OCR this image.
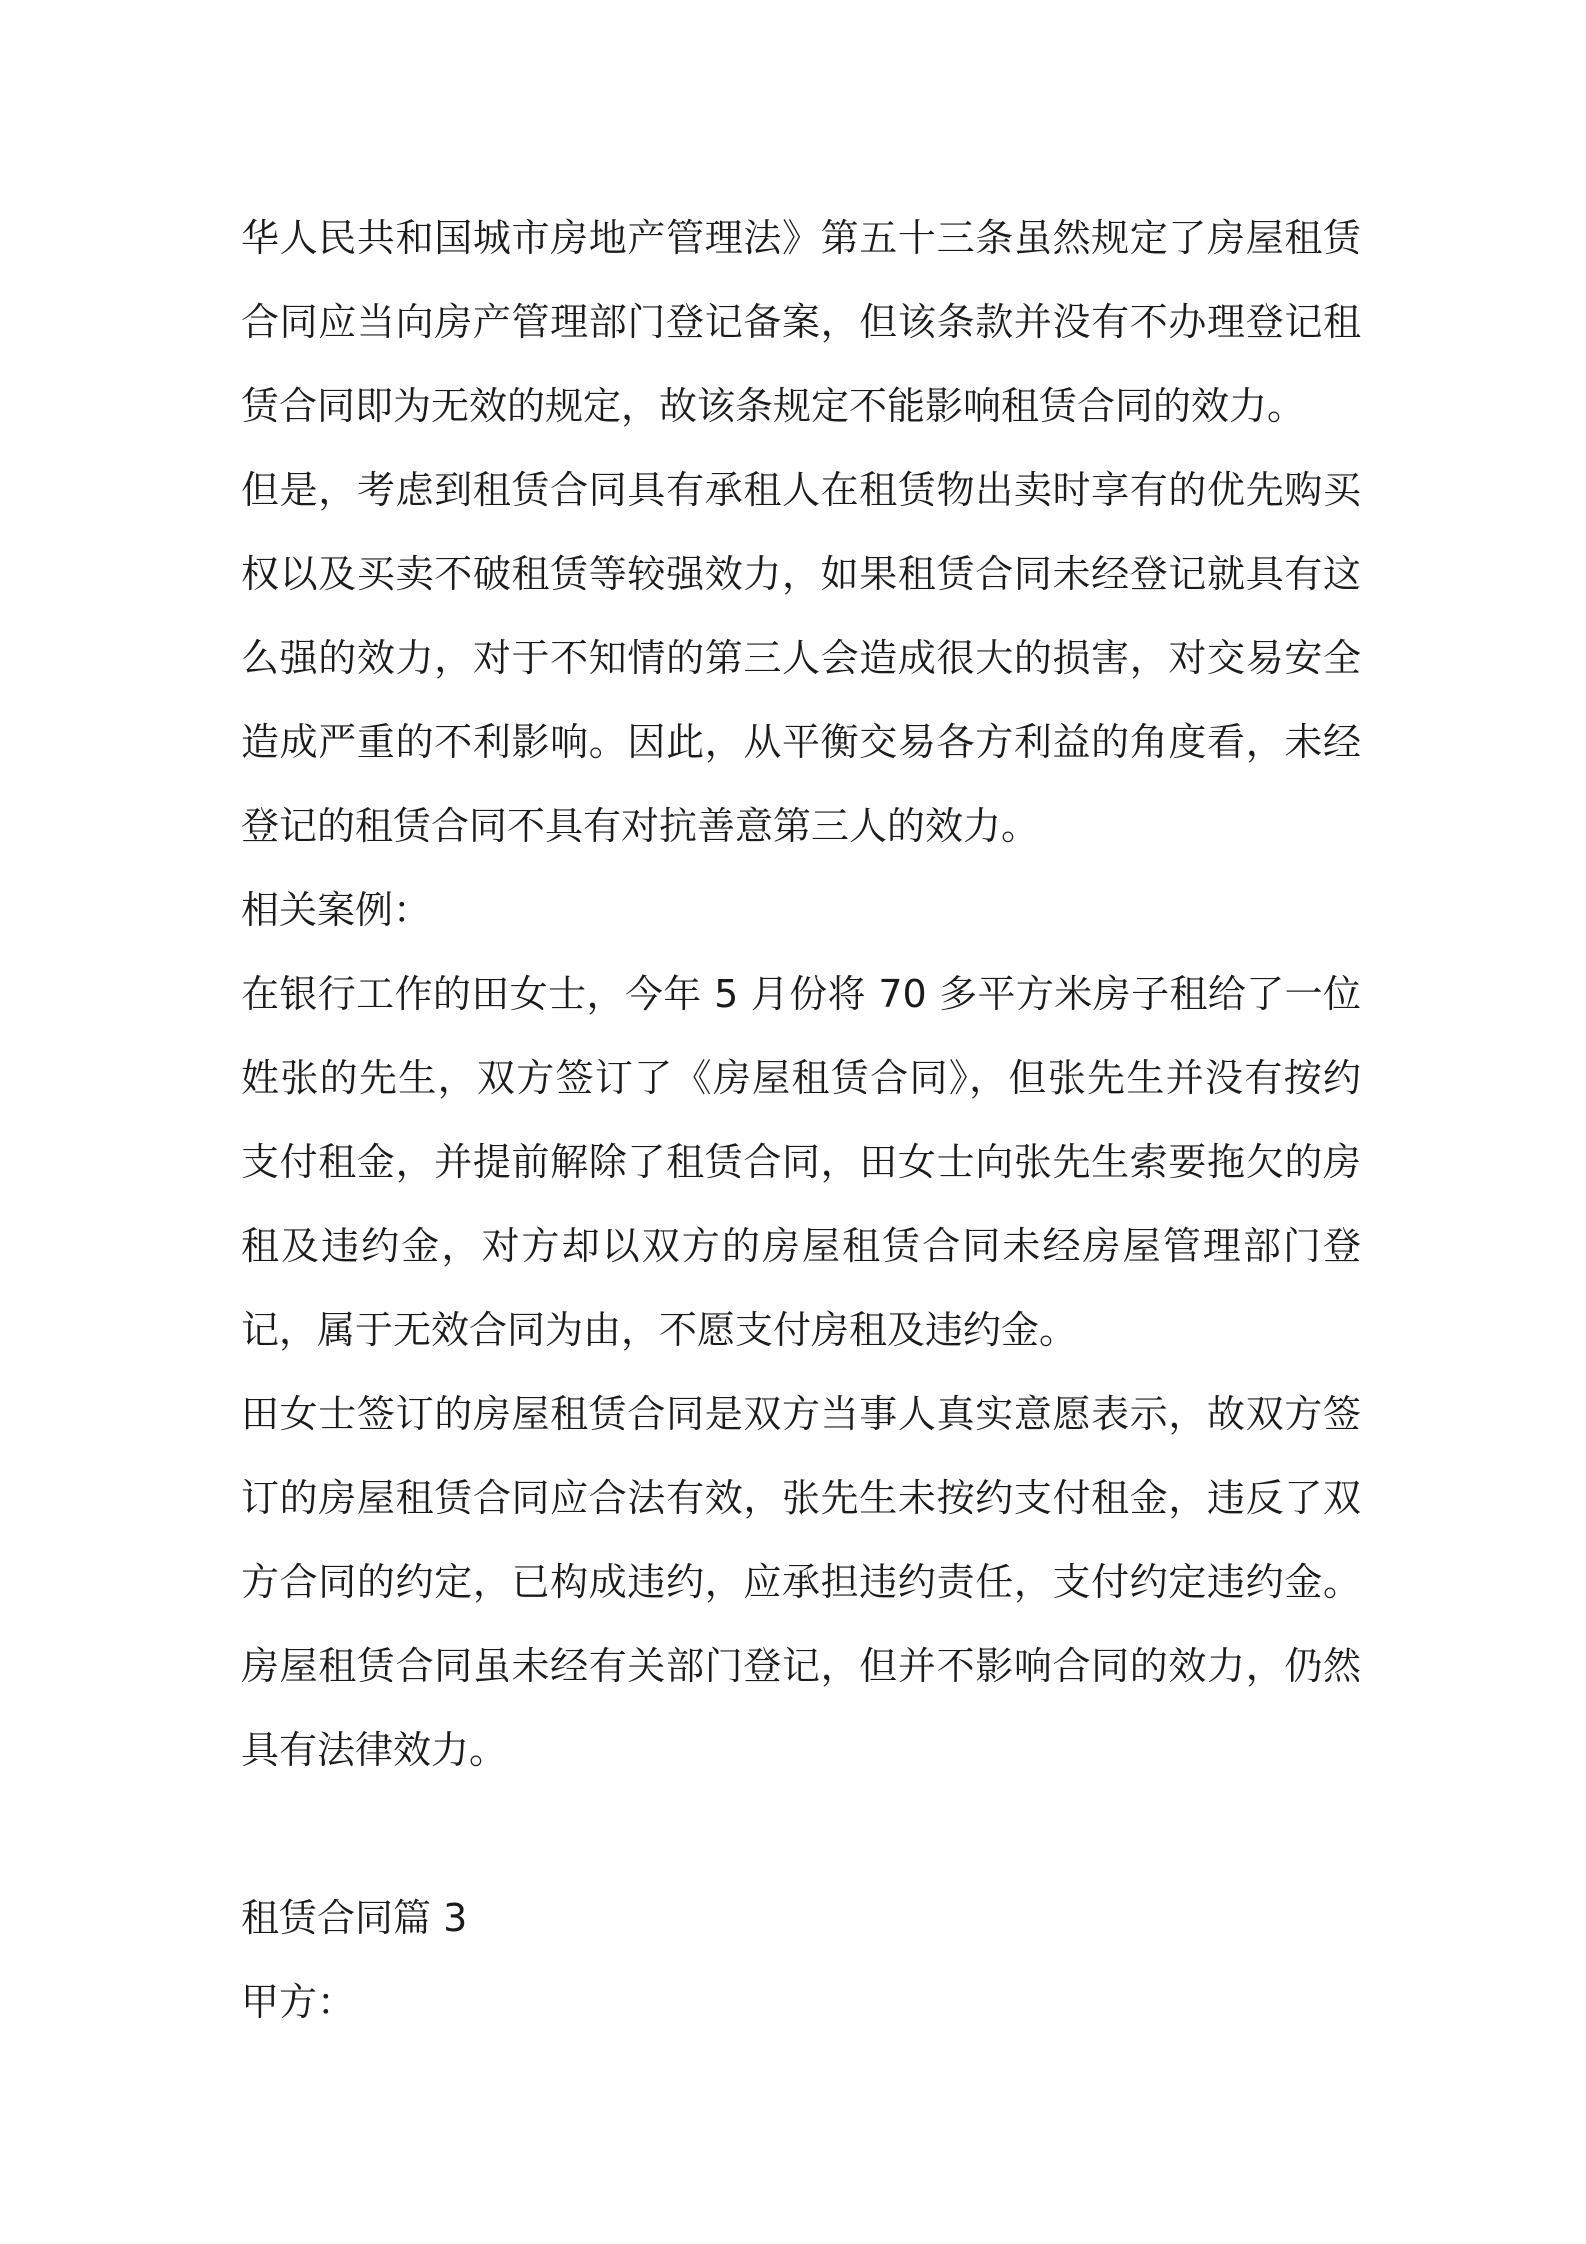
华人民共和国城市房地产管理法》第五十三条虽然规定了房屋租赁合同应当向房产管理部门登记备案，但该条款并没有不办理登记租赁合同即为无效的规定，故该条规定不能影响租赁合同的效力。

但是，考虑到租赁合同具有承租人在租赁物出卖时享有的优先购买权以及买卖不破租赁等较强效力，如果租赁合同未经登记就具有这么强的效力，对于不知情的第三人会造成很大的损害，对交易安全造成严重的不利影响。因此，从平衡交易各方利益的角度看，未经登记的租赁合同不具有对抗善意第三人的效力。

相关案例：

在银行工作的田女士，今年 5 月份将 70 多平方米房子租给了一位姓张的先生，双方签订了《房屋租赁合同》，但张先生并没有按约支付租金，并提前解除了租赁合同，田女士向张先生索要拖欠的房租及违约金，对方却以双方的房屋租赁合同未经房屋管理部门登记，属于无效合同为由，不愿支付房租及违约金。

田女士签订的房屋租赁合同是双方当事人真实意愿表示，故双方签订的房屋租赁合同应合法有效，张先生未按约支付租金，违反了双方合同的约定，已构成违约，应承担违约责任，支付约定违约金。房屋租赁合同虽未经有关部门登记，但并不影响合同的效力，仍然具有法律效力。

租赁合同篇 3

甲方：
